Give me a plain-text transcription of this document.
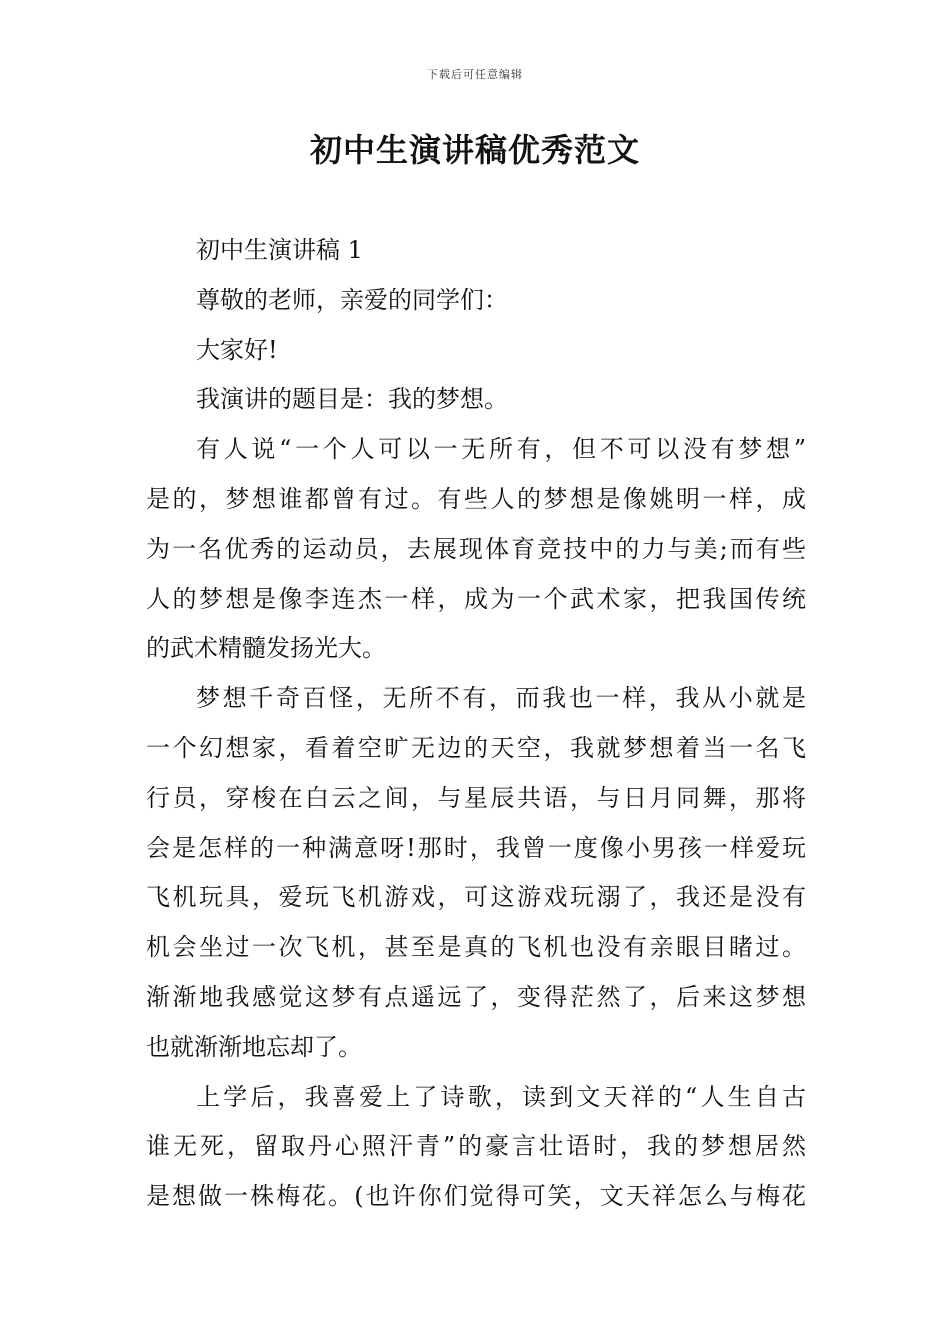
下载后可任意编辑
初中生演讲稿优秀范文
初中生演讲稿 1
尊敬的老师，亲爱的同学们：
大家好!
我演讲的题目是：我的梦想。
有人说“一个人可以一无所有，但不可以没有梦想”
是的，梦想谁都曾有过。有些人的梦想是像姚明一样，成
为一名优秀的运动员，去展现体育竞技中的力与美;而有些
人的梦想是像李连杰一样，成为一个武术家，把我国传统
的武术精髓发扬光大。
梦想千奇百怪，无所不有，而我也一样，我从小就是
一个幻想家，看着空旷无边的天空，我就梦想着当一名飞
行员，穿梭在白云之间，与星辰共语，与日月同舞，那将
会是怎样的一种满意呀!那时，我曾一度像小男孩一样爱玩
飞机玩具，爱玩飞机游戏，可这游戏玩溺了，我还是没有
机会坐过一次飞机，甚至是真的飞机也没有亲眼目睹过。
渐渐地我感觉这梦有点遥远了，变得茫然了，后来这梦想
也就渐渐地忘却了。
上学后，我喜爱上了诗歌，读到文天祥的“人生自古
谁无死，留取丹心照汗青”的豪言壮语时，我的梦想居然
是想做一株梅花。(也许你们觉得可笑，文天祥怎么与梅花
